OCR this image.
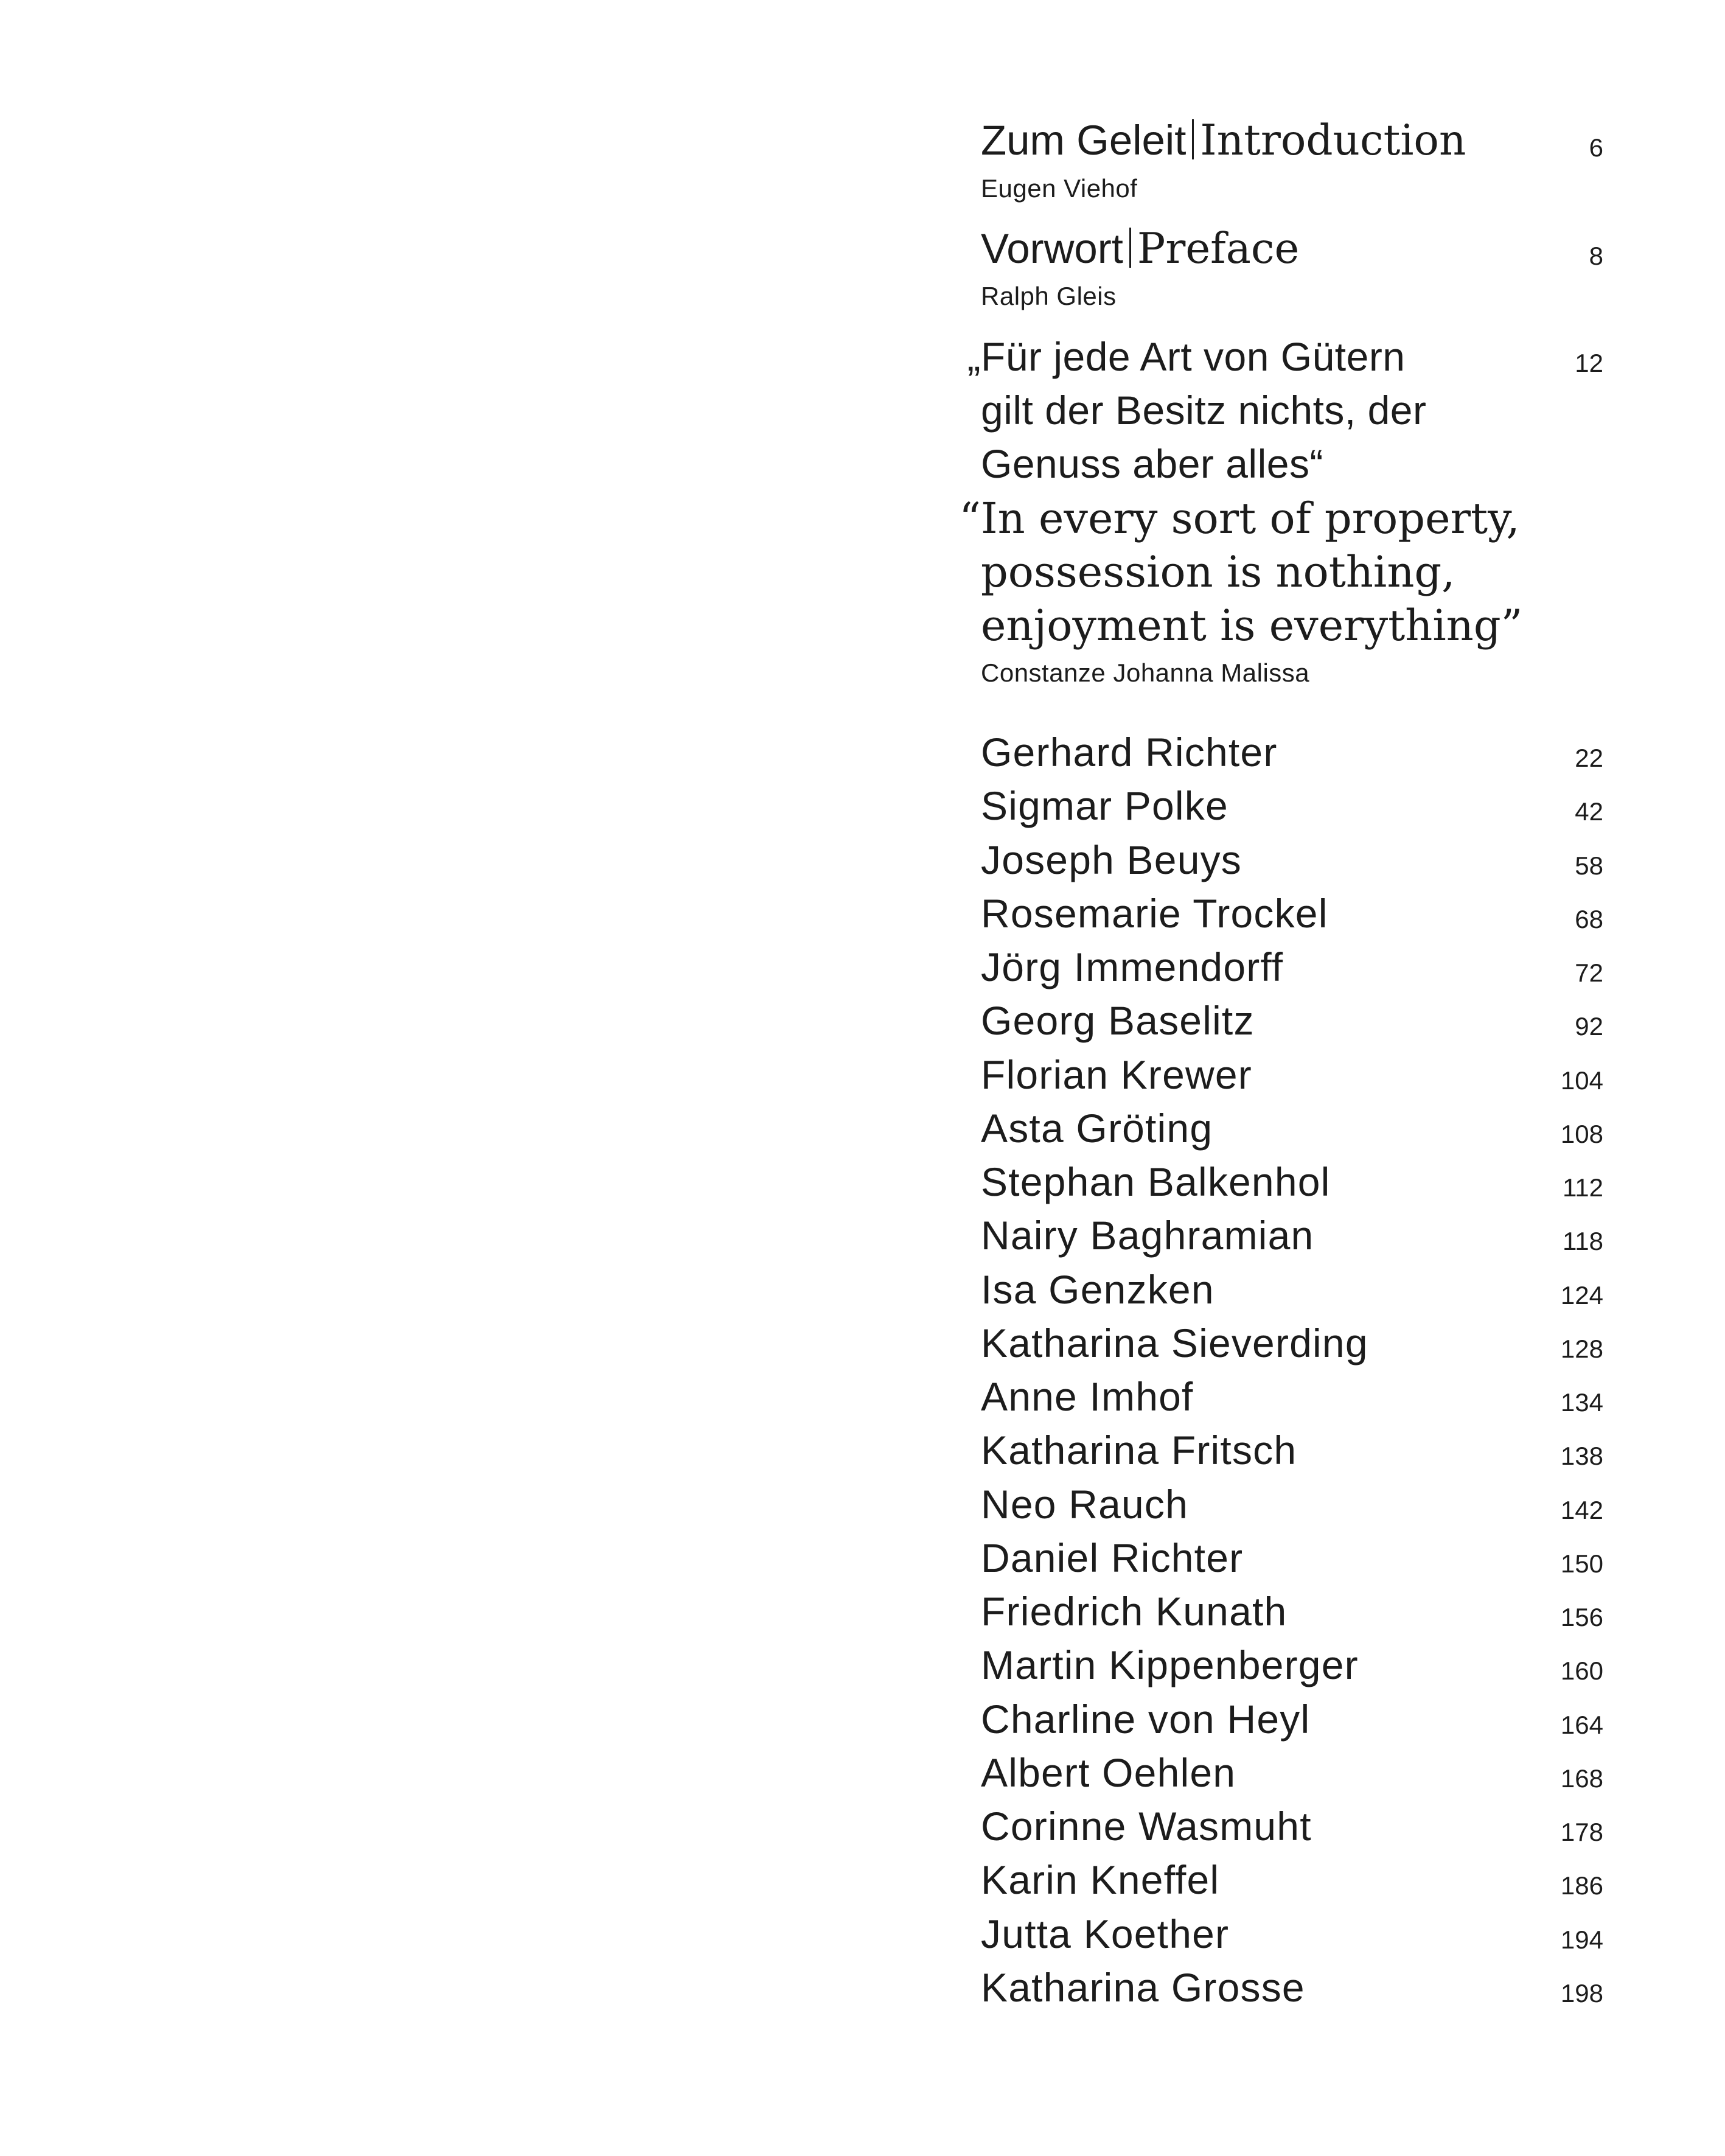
Zum Geleit Introduction	6
Eugen Viehof
Vorwort Preface	8
Ralph Gleis
„ Für jede Art von Gütern	12
gilt der Besitz nichts, der
Genuss aber alles“
“ In every sort of property,
possession is nothing,
enjoyment is everything”
Constanze Johanna Malissa
Gerhard Richter	22
Sigmar Polke	42
Joseph Beuys	58
Rosemarie Trockel	68
Jörg Immendorff	72
Georg Baselitz	92
Florian Krewer	104
Asta Gröting	108
Stephan Balkenhol	112
Nairy Baghramian	118
Isa Genzken	124
Katharina Sieverding	128
Anne Imhof	134
Katharina Fritsch	138
Neo Rauch	142
Daniel Richter	150
Friedrich Kunath	156
Martin Kippenberger	160
Charline von Heyl	164
Albert Oehlen	168
Corinne Wasmuht	178
Karin Kneffel	186
Jutta Koether	194
Katharina Grosse	198
